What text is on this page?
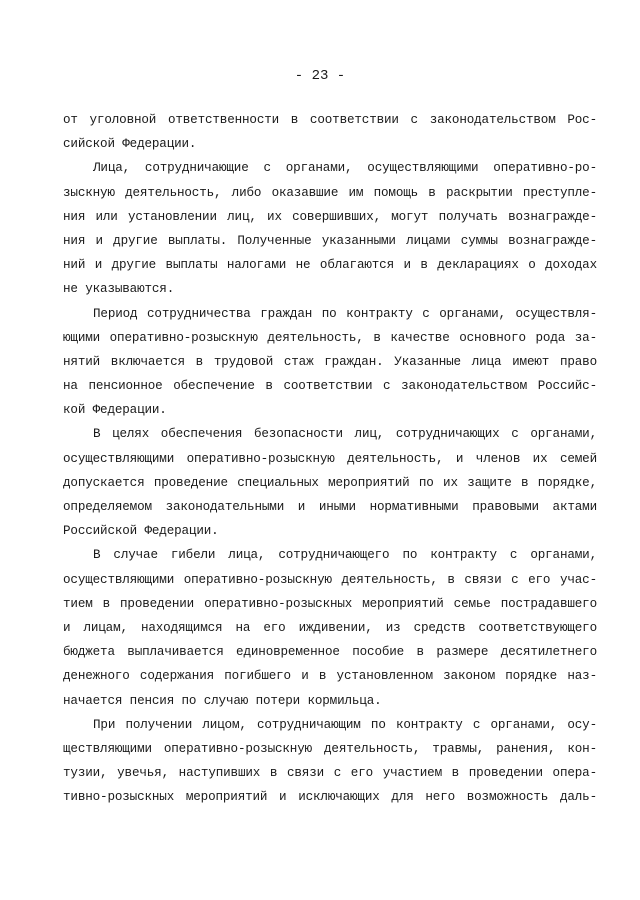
- 23 -
от уголовной ответственности в соответствии с законодательством Рос-
сийской Федерации.
Лица, сотрудничающие с органами, осуществляющими оперативно-ро-
зыскную деятельность, либо оказавшие им помощь в раскрытии преступле-
ния или установлении лиц, их совершивших, могут получать вознагражде-
ния и другие выплаты. Полученные указанными лицами суммы вознагражде-
ний и другие выплаты налогами не облагаются и в декларациях о доходах
не указываются.
Период сотрудничества граждан по контракту с органами, осуществля-
ющими оперативно-розыскную деятельность, в качестве основного рода за-
нятий включается в трудовой стаж граждан. Указанные лица имеют право
на пенсионное обеспечение в соответствии с законодательством Российс-
кой Федерации.
В целях обеспечения безопасности лиц, сотрудничающих с органами,
осуществляющими оперативно-розыскную деятельность, и членов их семей
допускается проведение специальных мероприятий по их защите в порядке,
определяемом законодательными и иными нормативными правовыми актами
Российской Федерации.
В случае гибели лица, сотрудничающего по контракту с органами,
осуществляющими оперативно-розыскную деятельность, в связи с его учас-
тием в проведении оперативно-розыскных мероприятий семье пострадавшего
и лицам, находящимся на его иждивении, из средств соответствующего
бюджета выплачивается единовременное пособие в размере десятилетнего
денежного содержания погибшего и в установленном законом порядке наз-
начается пенсия по случаю потери кормильца.
При получении лицом, сотрудничающим по контракту с органами, осу-
ществляющими оперативно-розыскную деятельность, травмы, ранения, кон-
тузии, увечья, наступивших в связи с его участием в проведении опера-
тивно-розыскных мероприятий и исключающих для него возможность даль-
